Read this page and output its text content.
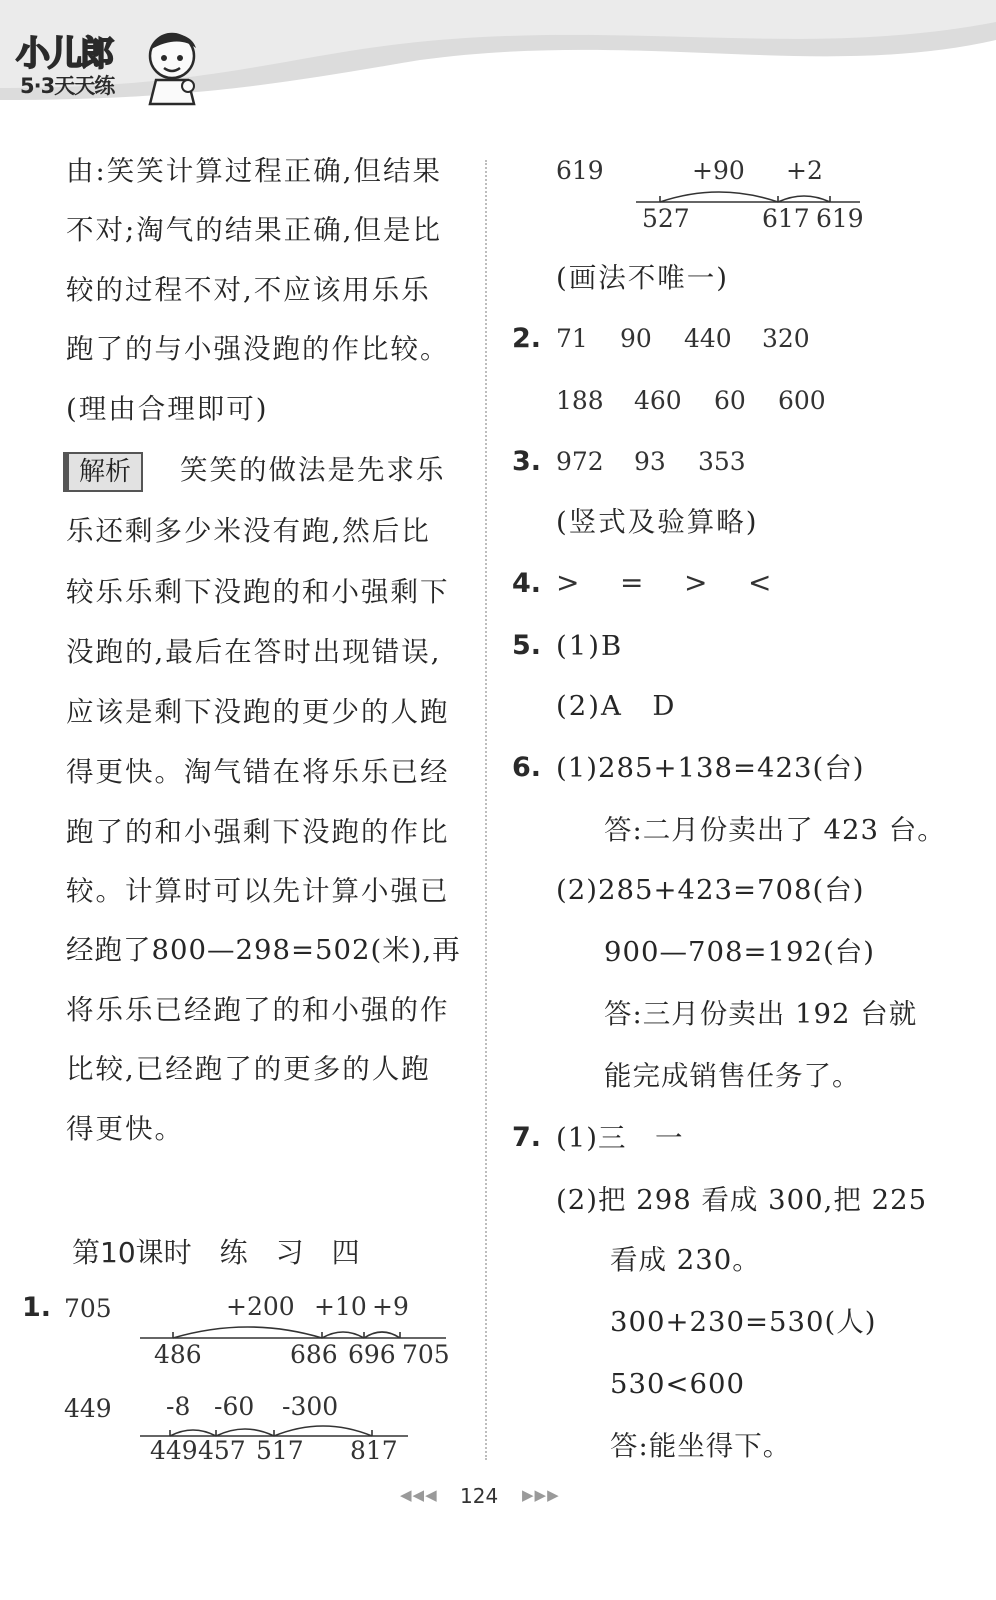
小儿郎
5·3天天练
由:笑笑计算过程正确,但结果
不对;淘气的结果正确,但是比
较的过程不对,不应该用乐乐
跑了的与小强没跑的作比较。
(理由合理即可)
解析	笑笑的做法是先求乐
乐还剩多少米没有跑,然后比
较乐乐剩下没跑的和小强剩下
没跑的,最后在答时出现错误,
应该是剩下没跑的更少的人跑
得更快。淘气错在将乐乐已经
跑了的和小强剩下没跑的作比
较。计算时可以先计算小强已
经跑了800—298=502(米),再
将乐乐已经跑了的和小强的作
比较,已经跑了的更多的人跑
得更快。
第10课时　练　习　四
1. 705	+200 +10 +9
486	686 696 705
449 -8 -60 -300
449 457 517 817
619	+90 +2
527	617 619
(画法不唯一)
2. 71 90 440 320
188 460 60 600
3. 972 93 353
(竖式及验算略)
4. > = > <
5. (1)B
(2)A　D
6. (1)285+138=423(台)
答:二月份卖出了 423 台。
(2)285+423=708(台)
900—708=192(台)
答:三月份卖出 192 台就
能完成销售任务了。
7. (1)三　一
(2)把 298 看成 300,把 225
看成 230。
300+230=530(人)
530<600
答:能坐得下。
◀◀◀ 124 ▶▶▶
